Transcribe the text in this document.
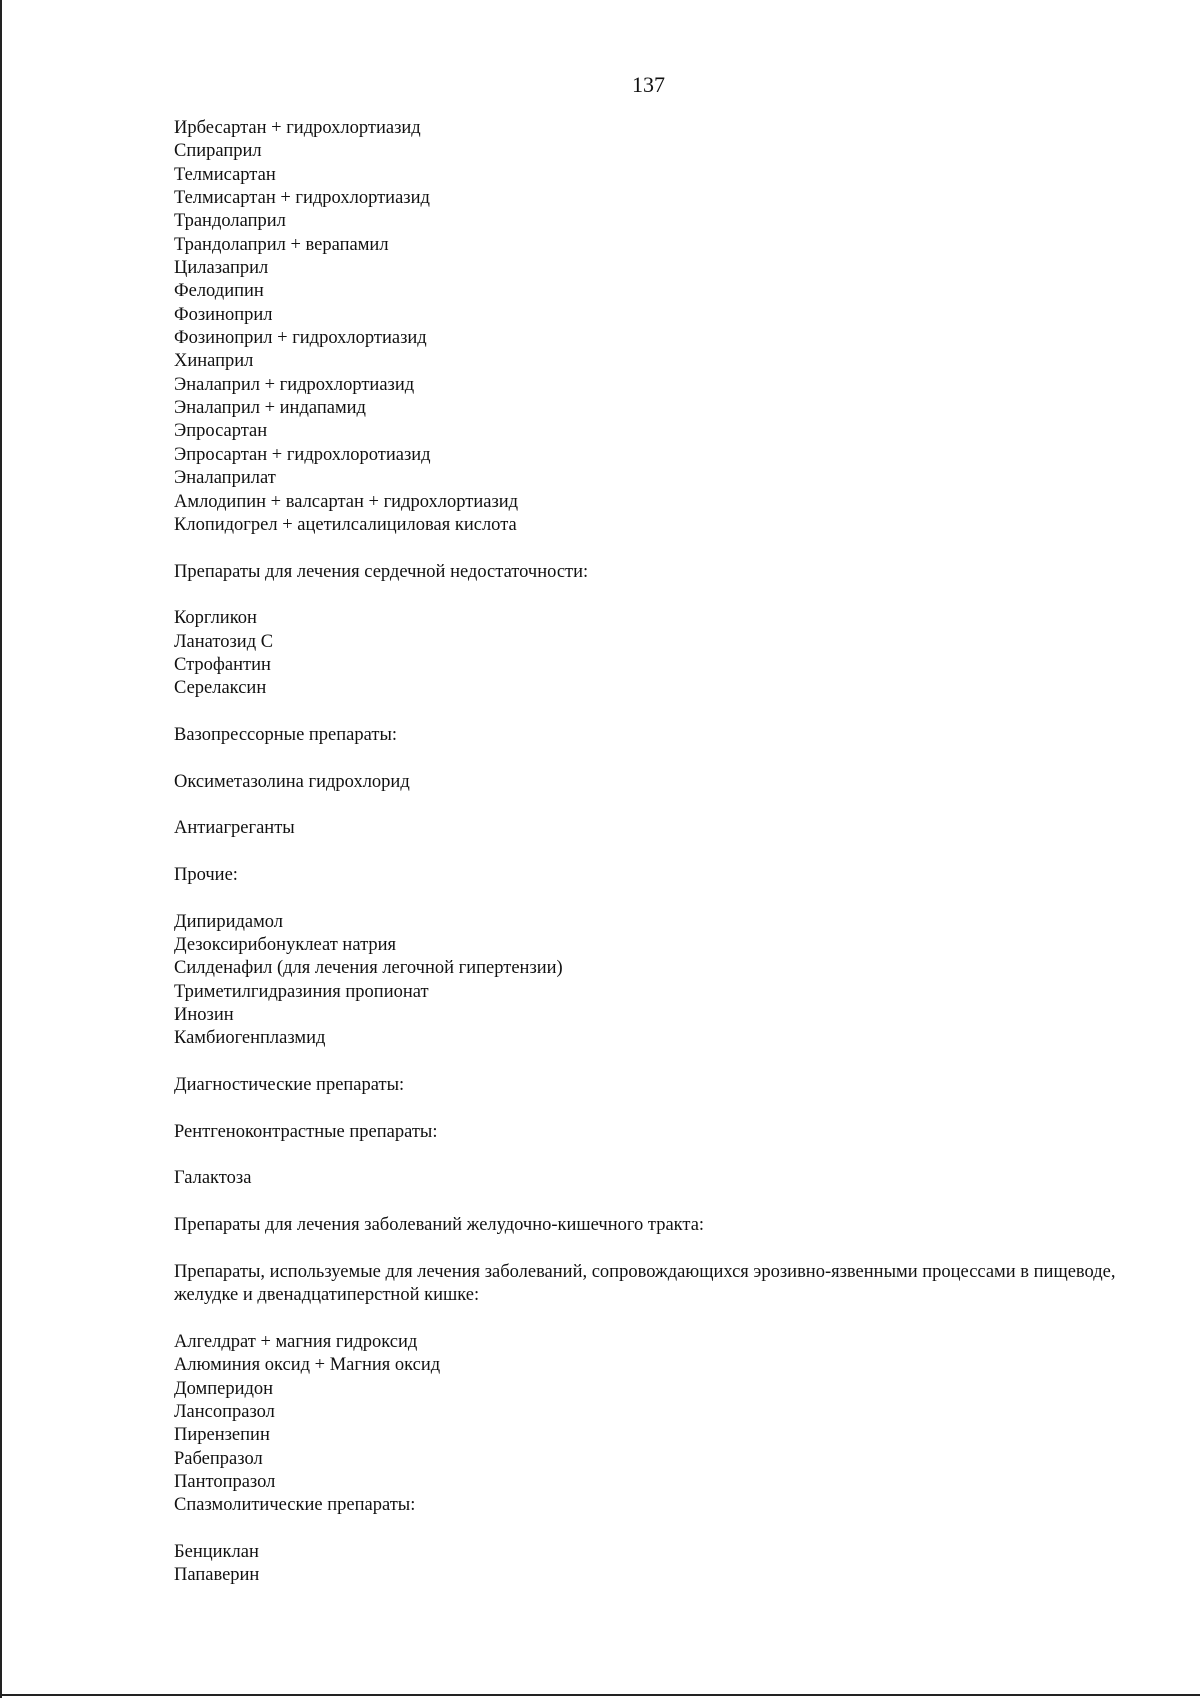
137
Ирбесартан + гидрохлортиазид
Спираприл
Телмисартан
Телмисартан + гидрохлортиазид
Трандолаприл
Трандолаприл + верапамил
Цилазаприл
Фелодипин
Фозиноприл
Фозиноприл + гидрохлортиазид
Хинаприл
Эналаприл + гидрохлортиазид
Эналаприл + индапамид
Эпросартан
Эпросартан + гидрохлоротиазид
Эналаприлат
Амлодипин + валсартан + гидрохлортиазид
Клопидогрел + ацетилсалициловая кислота
Препараты для лечения сердечной недостаточности:
Коргликон
Ланатозид С
Строфантин
Серелаксин
Вазопрессорные препараты:
Оксиметазолина гидрохлорид
Антиагреганты
Прочие:
Дипиридамол
Дезоксирибонуклеат натрия
Силденафил (для лечения легочной гипертензии)
Триметилгидразиния пропионат
Инозин
Камбиогенплазмид
Диагностические препараты:
Рентгеноконтрастные препараты:
Галактоза
Препараты для лечения заболеваний желудочно-кишечного тракта:
Препараты, используемые для лечения заболеваний, сопровождающихся эрозивно-язвенными процессами в пищеводе, желудке и двенадцатиперстной кишке:
Алгелдрат + магния гидроксид
Алюминия оксид + Магния оксид
Домперидон
Лансопразол
Пирензепин
Рабепразол
Пантопразол
Спазмолитические препараты:
Бенциклан
Папаверин
